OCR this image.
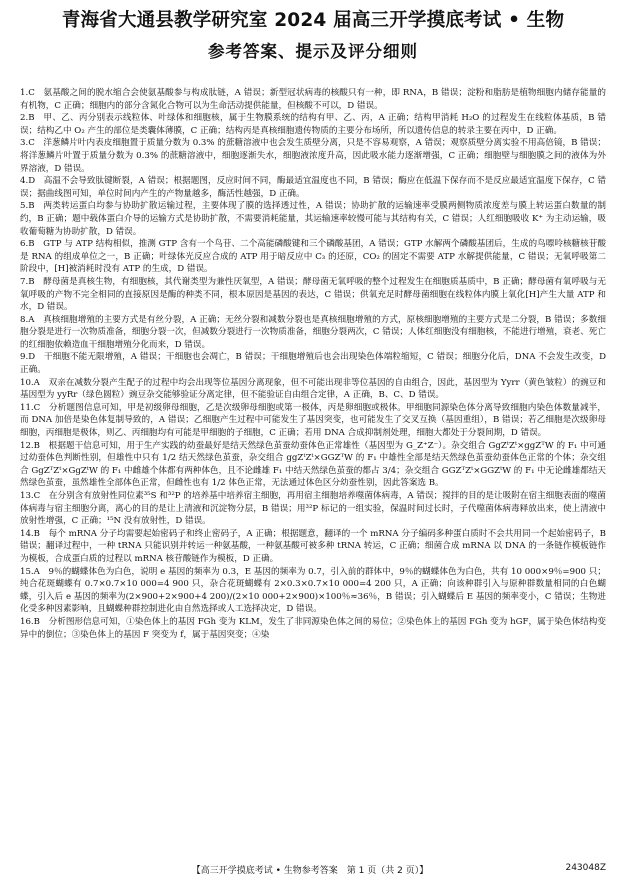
青海省大通县教学研究室 2024 届高三开学摸底考试 • 生物
参考答案、提示及评分细则
1.C　氨基酸之间的脱水缩合会使氨基酸参与构成肽链，A 错误；新型冠状病毒的核酸只有一种，即 RNA，B 错误；淀粉和脂肪是植物细胞内储存能量的有机物，C 正确；细胞内的部分含氮化合物可以为生命活动提供能量，但核酸不可以，D 错误。
2.B　甲、乙、丙分别表示线粒体、叶绿体和细胞核，属于生物膜系统的结构有甲、乙、丙，A 正确；结构甲消耗 H₂O 的过程发生在线粒体基质，B 错误；结构乙中 O₂ 产生的部位是类囊体薄膜，C 正确；结构丙是真核细胞遗传物质的主要分布场所，所以遗传信息的转录主要在丙中，D 正确。
3.C　洋葱鳞片叶内表皮细胞置于质量分数为 0.3% 的蔗糖溶液中也会发生质壁分离，只是不容易观察，A 错误；观察质壁分离实验不用高倍镜，B 错误；将洋葱鳞片叶置于质量分数为 0.3% 的蔗糖溶液中，细胞逐渐失水，细胞液浓度升高，因此吸水能力逐渐增强，C 正确；细胞壁与细胞膜之间的液体为外界溶液，D 错误。
4.D　高温不会导致肽键断裂，A 错误；根据题图，反应时间不同，酶最适宜温度也不同，B 错误；酶应在低温下保存而不是反应最适宜温度下保存，C 错误；据曲线图可知，单位时间内产生的产物量越多，酶活性越强，D 正确。
5.B　两类转运蛋白均参与协助扩散运输过程，主要体现了膜的选择透过性，A 错误；协助扩散的运输速率受膜两侧物质浓度差与膜上转运蛋白数量的制约，B 正确；题中载体蛋白介导的运输方式是协助扩散，不需要消耗能量，其运输速率较慢可能与其结构有关，C 错误；人红细胞吸收 K⁺ 为主动运输，吸收葡萄糖为协助扩散，D 错误。
6.B　GTP 与 ATP 结构相似，推测 GTP 含有一个鸟苷、二个高能磷酸键和三个磷酸基团，A 错误；GTP 水解两个磷酸基团后，生成的鸟嘌呤核糖核苷酸是 RNA 的组成单位之一，B 正确；叶绿体光反应合成的 ATP 用于暗反应中 C₃ 的还原，CO₂ 的固定不需要 ATP 水解提供能量，C 错误；无氧呼吸第二阶段中，[H]被消耗时没有 ATP 的生成，D 错误。
7.B　酵母菌是真核生物，有细胞核，其代谢类型为兼性厌氧型，A 错误；酵母菌无氧呼吸的整个过程发生在细胞质基质中，B 正确；酵母菌有氧呼吸与无氧呼吸的产物不完全相同的直接原因是酶的种类不同，根本原因是基因的表达，C 错误；供氧充足时酵母菌细胞在线粒体内膜上氧化[H]产生大量 ATP 和水，D 错误。
8.A　真核细胞增殖的主要方式是有丝分裂，A 正确；无丝分裂和减数分裂也是真核细胞增殖的方式，原核细胞增殖的主要方式是二分裂，B 错误；多数细胞分裂是进行一次物质准备，细胞分裂一次，但减数分裂进行一次物质准备，细胞分裂两次，C 错误；人体红细胞没有细胞核，不能进行增殖，衰老、死亡的红细胞依赖造血干细胞增殖分化而来，D 错误。
9.D　干细胞不能无限增殖，A 错误；干细胞也会凋亡，B 错误；干细胞增殖后也会出现染色体端粒缩短，C 错误；细胞分化后，DNA 不会发生改变，D 正确。
10.A　双亲在减数分裂产生配子的过程中均会出现等位基因分离现象，但不可能出现非等位基因的自由组合，因此，基因型为 Yyrr（黄色皱粒）的豌豆和基因型为 yyRr（绿色圆粒）豌豆杂交能够验证分离定律，但不能验证自由组合定律，A 正确，B、C、D 错误。
11.C　分析题图信息可知，甲是初级卵母细胞，乙是次级卵母细胞或第一极体，丙是卵细胞或极体。甲细胞同源染色体分离导致细胞内染色体数量减半，而 DNA 加倍是染色体复制导致的，A 错误；乙细胞产生过程中可能发生了基因突变，也可能发生了交叉互换（基因重组），B 错误；若乙细胞是次级卵母细胞，丙细胞是极体，则乙、丙细胞均有可能是甲细胞的子细胞，C 正确；若用 DNA 合成抑制剂处理，细胞大都处于分裂间期，D 错误。
12.B　根据题干信息可知，用于生产实践的幼蚕最好是结天然绿色茧蚕幼蚕体色正常雄性（基因型为 G_Z⁺Z⁻）。杂交组合 GgZᵗZᵗ×ggZᵀW 的 F₁ 中可通过幼蚕体色判断性别，但雄性中只有 1/2 结天然绿色茧蚕，杂交组合 ggZᵗZᵗ×GGZᵀW 的 F₁ 中雄性全部是结天然绿色茧蚕幼蚕体色正常的个体；杂交组合 GgZᵀZᵗ×GgZᵗW 的 F₁ 中雌雄个体都有两种体色，且不论雌雄 F₁ 中结天然绿色茧蚕的都占 3/4；杂交组合 GGZᵀZᵗ×GGZᵗW 的 F₁ 中无论雌雄都结天然绿色茧蚕，虽然雄性全部体色正常，但雌性也有 1/2 体色正常，无法通过体色区分幼蚕性别，因此答案选 B。
13.C　在分别含有放射性同位素³⁵S 和³²P 的培养基中培养宿主细胞，再用宿主细胞培养噬菌体病毒，A 错误；搅拌的目的是让吸附在宿主细胞表面的噬菌体病毒与宿主细胞分离，离心的目的是让上清液和沉淀物分层，B 错误；用³²P 标记的一组实验，保温时间过长时，子代噬菌体病毒释放出来，使上清液中放射性增强，C 正确；¹⁵N 没有放射性，D 错误。
14.B　每个 mRNA 分子均需要起始密码子和终止密码子，A 正确；根据题意，翻译的一个 mRNA 分子编码多种蛋白质时不会共用同一个起始密码子，B 错误；翻译过程中，一种 tRNA 只能识别并转运一种氨基酸，一种氨基酸可被多种 tRNA 转运，C 正确；细菌合成 mRNA 以 DNA 的一条链作模板链作为模板，合成蛋白质的过程以 mRNA 核苷酸链作为模板，D 正确。
15.A　9％的蝴蝶体色为白色，说明 e 基因的频率为 0.3，E 基因的频率为 0.7，引入前的群体中，9％的蝴蝶体色为白色，共有 10 000×9％=900 只；纯合花斑蝴蝶有 0.7×0.7×10 000=4 900 只，杂合花斑蝴蝶有 2×0.3×0.7×10 000=4 200 只，A 正确；向该种群引入与原种群数量相同的白色蝴蝶，引入后 e 基因的频率为(2×900+2×900+4 200)/(2×10 000+2×900)×100％≈36％，B 错误；引入蝴蝶后 E 基因的频率变小，C 错误；生物进化受多种因素影响，且蝴蝶种群控制进化由自然选择或人工选择决定，D 错误。
16.B　分析图形信息可知，①染色体上的基因 FGh 变为 KLM，发生了非同源染色体之间的易位；②染色体上的基因 FGh 变为 hGF，属于染色体结构变异中的倒位；③染色体上的基因 F 突变为 f，属于基因突变；④染
【高三开学摸底考试 • 生物参考答案　第 1 页（共 2 页）】	243048Z
